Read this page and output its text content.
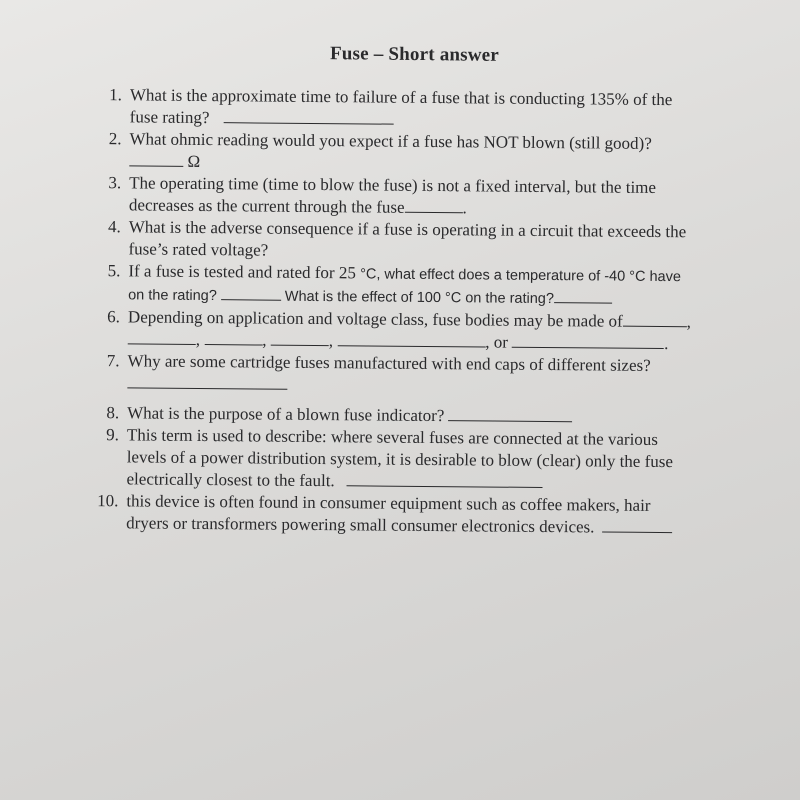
Fuse – Short answer
1. What is the approximate time to failure of a fuse that is conducting 135% of the
fuse rating?
2. What ohmic reading would you expect if a fuse has NOT blown (still good)?
Ω
3. The operating time (time to blow the fuse) is not a fixed interval, but the time
decreases as the current through the fuse	.
4. What is the adverse consequence if a fuse is operating in a circuit that exceeds the
fuse’s rated voltage?
5. If a fuse is tested and rated for 25 °C, what effect does a temperature of -40 °C have
on the rating?	What is the effect of 100 °C on the rating?
6. Depending on application and voltage class, fuse bodies may be made of	,
,	,	,	, or	.
7. Why are some cartridge fuses manufactured with end caps of different sizes?
8. What is the purpose of a blown fuse indicator?
9. This term is used to describe: where several fuses are connected at the various
levels of a power distribution system, it is desirable to blow (clear) only the fuse
electrically closest to the fault.
10. this device is often found in consumer equipment such as coffee makers, hair
dryers or transformers powering small consumer electronics devices.
